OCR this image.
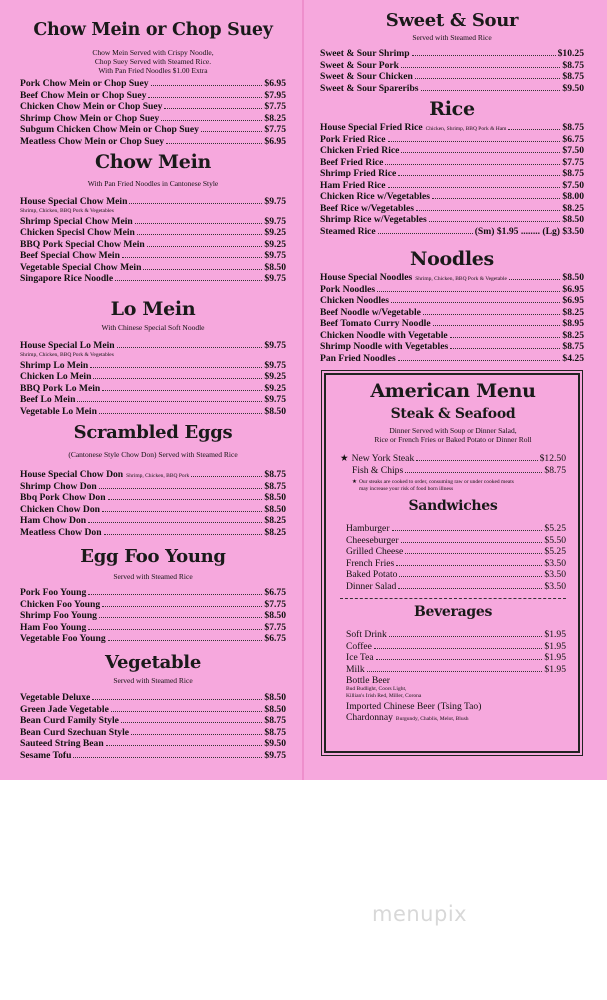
Chow Mein or Chop Suey
Chow Mein Served with Crispy Noodle,
Chop Suey Served with Steamed Rice.
With Pan Fried Noodles $1.00 Extra
Pork Chow Mein or Chop Suey	$6.95
Beef Chow Mein or Chop Suey	$7.95
Chicken Chow Mein or Chop Suey	$7.75
Shrimp Chow Mein or Chop Suey	$8.25
Subgum Chicken Chow Mein or Chop Suey	$7.75
Meatless Chow Mein or Chop Suey	$6.95
Chow Mein
With Pan Fried Noodles in Cantonese Style
House Special Chow Mein	$9.75
Shrimp, Chicken, BBQ Pork & Vegetables
Shrimp Special Chow Mein	$9.75
Chicken Specisl Chow Mein	$9.25
BBQ Pork Special Chow Mein	$9.25
Beef Special Chow Mein	$9.75
Vegetable Special Chow Mein	$8.50
Singapore Rice Noodle	$9.75
Lo Mein
With Chinese Special Soft Noodle
House Special Lo Mein	$9.75
Shrimp, Chicken, BBQ Pork & Vegetables
Shrimp Lo Mein	$9.75
Chicken Lo Mein	$9.25
BBQ Pork Lo Mein	$9.25
Beef Lo Mein	$9.75
Vegetable Lo Mein	$8.50
Scrambled Eggs
(Cantonese Style Chow Don) Served with Steamed Rice
House Special Chow Don Shrimp, Chicken, BBQ Pork	$8.75
Shrimp Chow Don	$8.75
Bbq Pork Chow Don	$8.50
Chicken Chow Don	$8.50
Ham Chow Don	$8.25
Meatless Chow Don	$8.25
Egg Foo Young
Served with Steamed Rice
Pork Foo Young	$6.75
Chicken Foo Young	$7.75
Shrimp Foo Young	$8.50
Ham Foo Young	$7.75
Vegetable Foo Young	$6.75
Vegetable
Served with Steamed Rice
Vegetable Deluxe	$8.50
Green Jade Vegetable	$8.50
Bean Curd Family Style	$8.75
Bean Curd Szechuan Style	$8.75
Sauteed String Bean	$9.50
Sesame Tofu	$9.75
Sweet & Sour
Served with Steamed Rice
Sweet & Sour Shrimp	$10.25
Sweet & Sour Pork	$8.75
Sweet & Sour Chicken	$8.75
Sweet & Sour Spareribs	$9.50
Rice
House Special Fried Rice Chicken, Shrimp, BBQ Pork & Ham	$8.75
Pork Fried Rice	$6.75
Chicken Fried Rice	$7.50
Beef Fried Rice	$7.75
Shrimp Fried Rice	$8.75
Ham Fried Rice	$7.50
Chicken Rice w/Vegetables	$8.00
Beef Rice w/Vegetables	$8.25
Shrimp Rice w/Vegetables	$8.50
Steamed Rice	(Sm) $1.95 ........ (Lg) $3.50
Noodles
House Special Noodles Shrimp, Chicken, BBQ Pork & Vegetable	$8.50
Pork Noodles	$6.95
Chicken Noodles	$6.95
Beef Noodle w/Vegetable	$8.25
Beef Tomato Curry Noodle	$8.95
Chicken Noodle with Vegetable	$8.25
Shrimp Noodle with Vegetables	$8.75
Pan Fried Noodles	$4.25
American Menu
Steak & Seafood
Dinner Served with Soup or Dinner Salad,
Rice or French Fries or Baked Potato or Dinner Roll
★ New York Steak	$12.50
Fish & Chips	$8.75
★ Our steaks are cooked to order, consuming raw or under cooked meats
may increase your risk of food born illness
Sandwiches
Hamburger	$5.25
Cheeseburger	$5.50
Grilled Cheese	$5.25
French Fries	$3.50
Baked Potato	$3.50
Dinner Salad	$3.50
Beverages
Soft Drink	$1.95
Coffee	$1.95
Ice Tea	$1.95
Milk	$1.95
Bottle Beer
Bud Budlight, Coors Light,
Killian's Irish Red, Miller, Corona
Imported Chinese Beer (Tsing Tao)
Chardonnay Burgundy, Chablis, Melot, Blush
menupix
